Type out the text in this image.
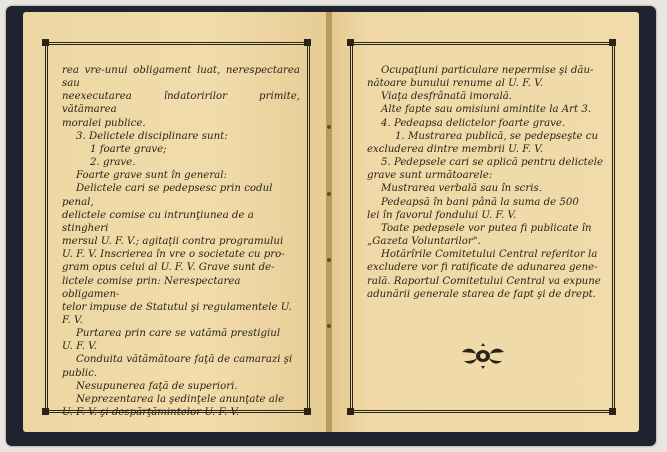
rea vre-unui obligament luat, nerespectarea sau

neexecutarea îndatoririlor primite, vătămarea

moralei publice.

3. Delictele disciplinare sunt:

1 foarte grave;

2. grave.

Foarte grave sunt în general:

Delictele cari se pedepsesc prin codul penal,

delictele comise cu intrunţiunea de a stingheri

mersul U. F. V.; agitaţii contra programului

U. F. V. Inscrierea în vre o societate cu pro-

gram opus celui al U. F. V. Grave sunt de-

lictele comise prin: Nerespectarea obligamen-

telor impuse de Statutul şi regulamentele U.

F. V.

Purtarea prin care se vatămă prestigiul

U. F. V.

Conduita vătămătoare faţă de camarazi şi

public.

Nesupunerea faţă de superiori.

Neprezentarea la şedinţele anunţate ale

U. F. V. şi despărţămintelor U. F. V.

Ocupaţiuni particulare nepermise şi dău-

nătoare bunului renume al U. F. V.

Viaţa desfrânată imorală.

Alte fapte sau omisiuni amintite la Art 3.

4. Pedeapsa delictelor foarte grave.

1. Mustrarea publică, se pedepseşte cu

excluderea dintre membrii U. F. V.

5. Pedepsele cari se aplică pentru delictele

grave sunt următoarele:

Mustrarea verbală sau în scris.

Pedeapsă în bani până la suma de 500

lei în favorul fondului U. F. V.

Toate pedepsele vor putea fi publicate în

„Gazeta Voluntarilor".

Hotărîrile Comitetului Central referitor la

excludere vor fi ratificate de adunarea gene-

rală. Raportul Comitetului Central va expune

adunării generale starea de fapt şi de drept.
